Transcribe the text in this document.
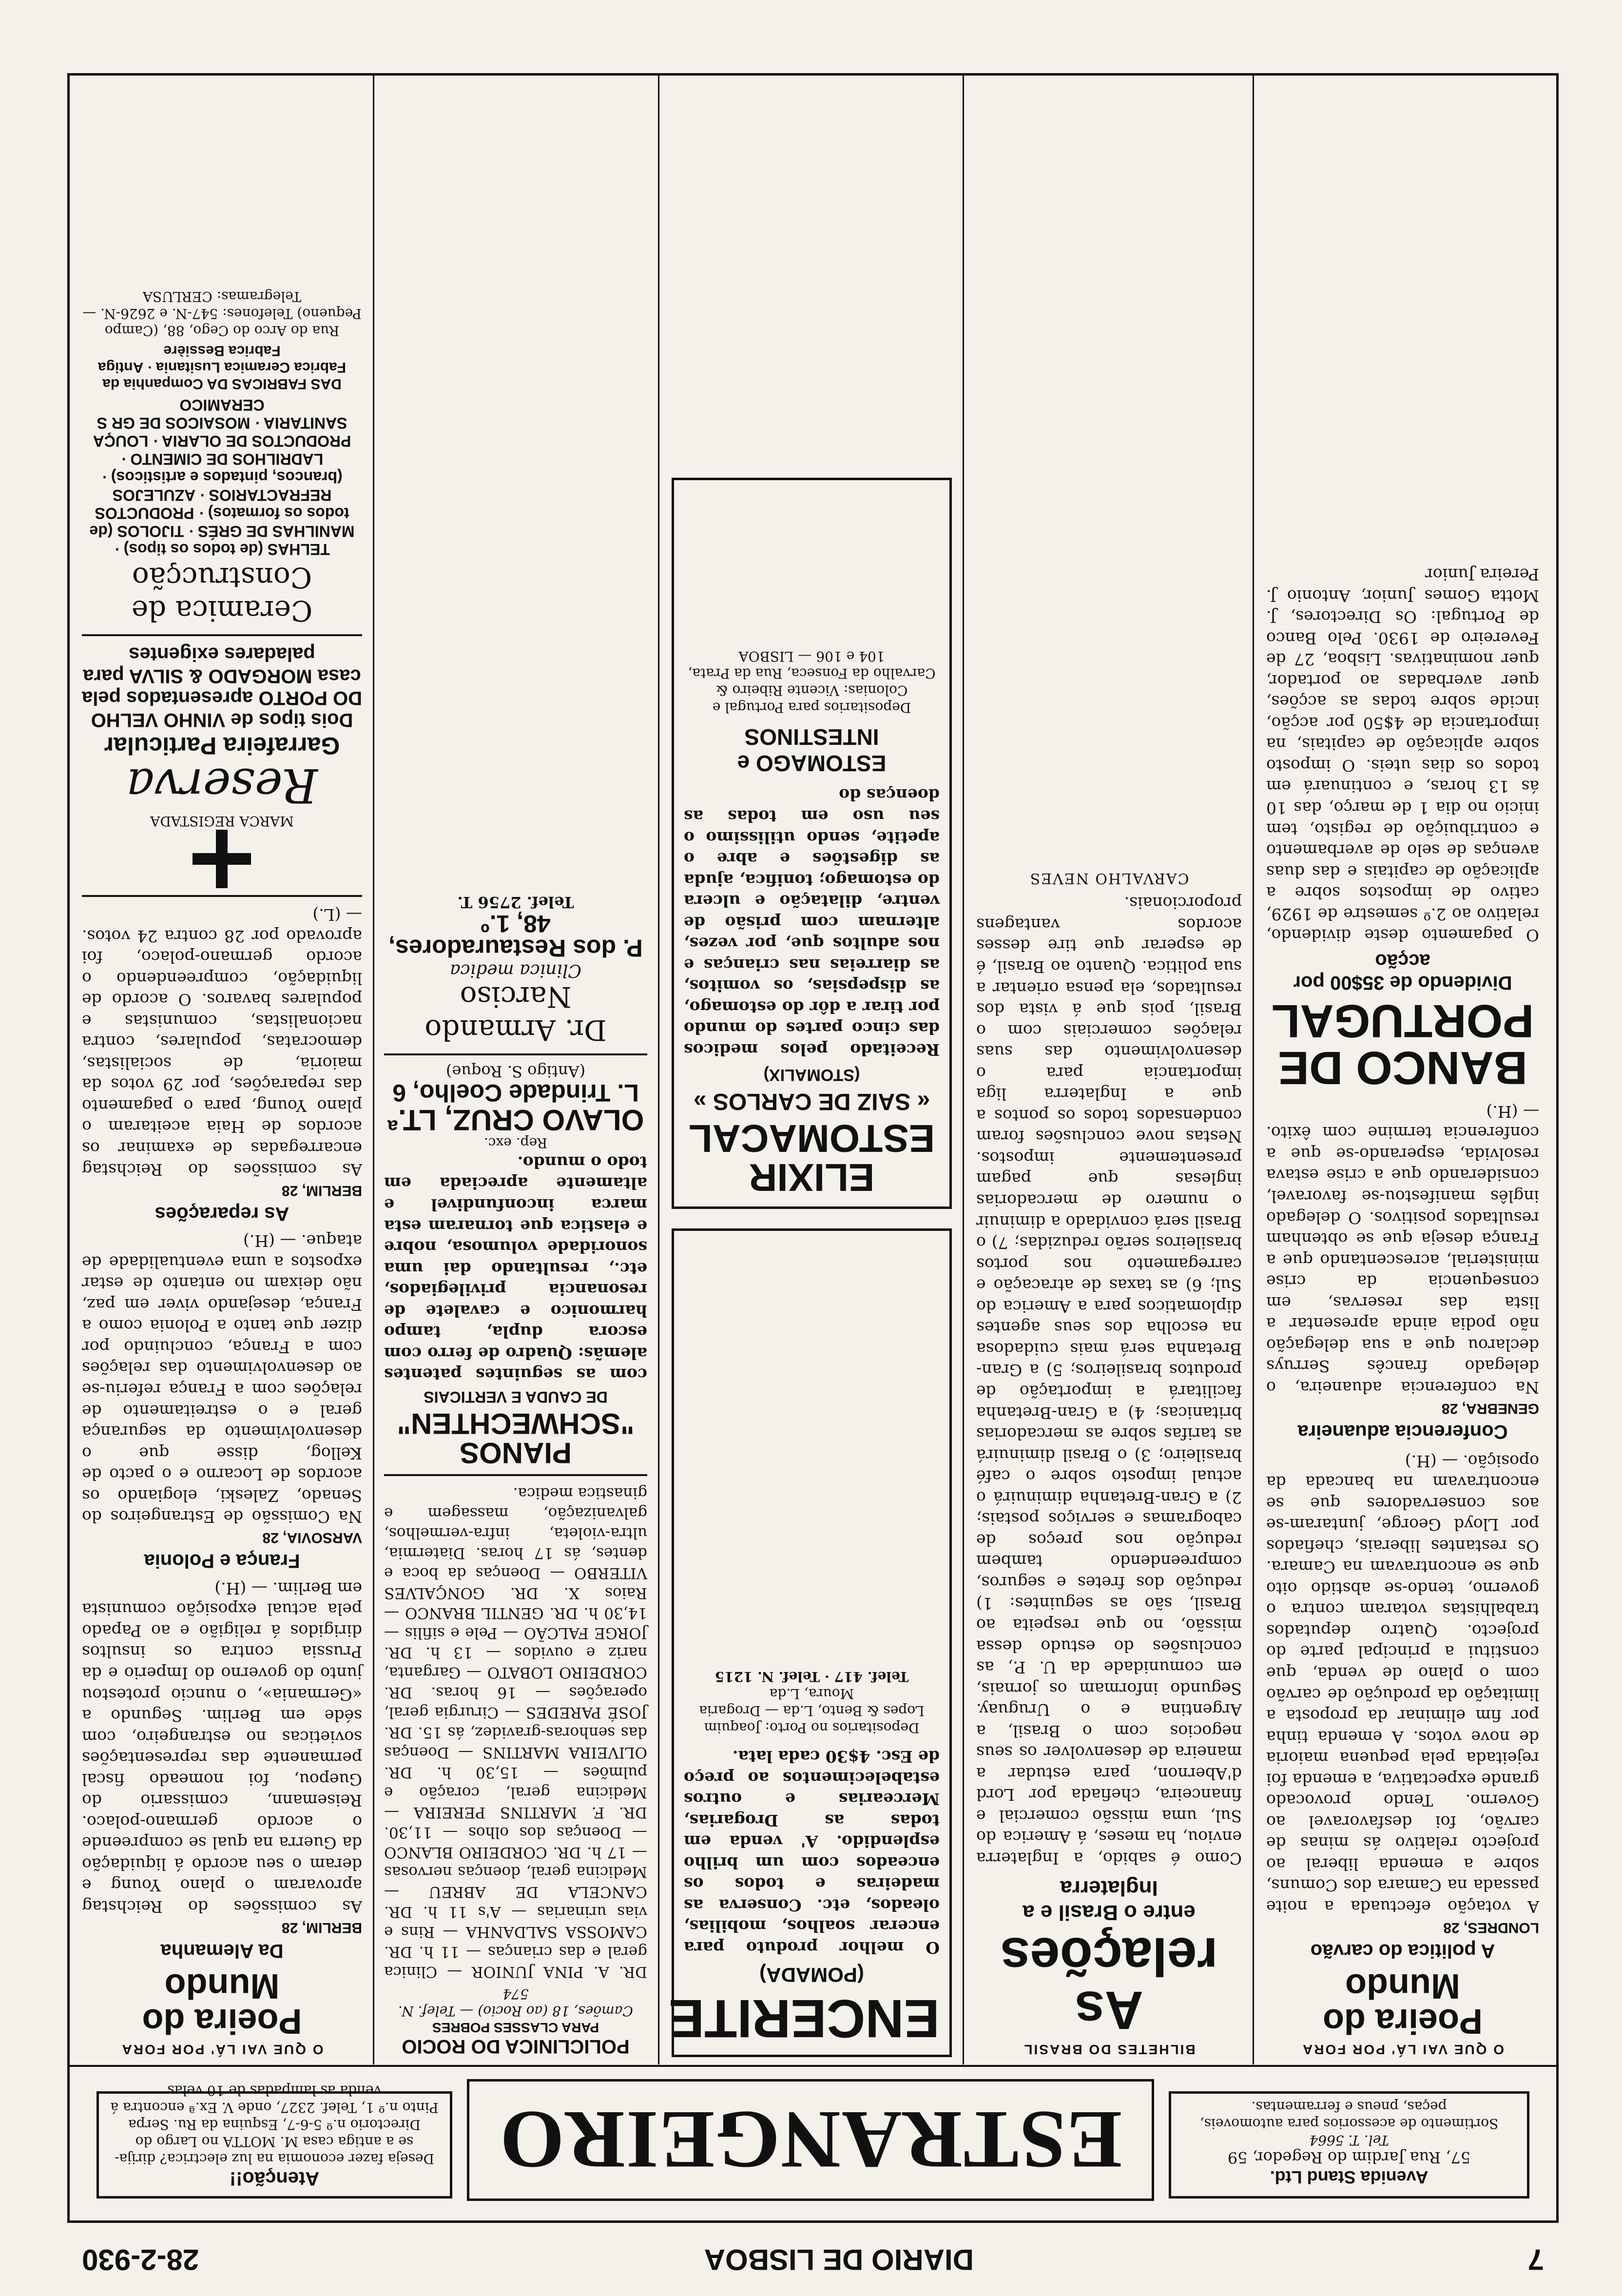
7
DIARIO DE LISBOA
28-2-930
Avenida Stand Ltd.
57, Rua Jardim do Regedor, 59
Tel. T. 5664
Sortimento de acessorios para automoveis, peças, pneus e ferramentas.
ESTRANGEIRO
Atenção!!
Deseja fazer economia na luz electrica? dirija-se a antiga casa M. MOTTA no Largo do Directorio n.º 5-6-7, Esquina da Ru. Serpa Pinto n.º 1, Telef. 2327, onde V. Ex.ª encontra á venda as lampadas de 10 velas
O QUE VAI LÁ' POR FORA
Poeira do Mundo
A politica do carvão
LONDRES, 28
A votação efectuada a noite passada na Camara dos Comuns, sobre a emenda liberal ao projecto relativo ás minas de carvão, foi desfavoravel ao Governo. Tendo provocado grande expectativa, a emenda foi rejeitada pela pequena maioria de nove votos. A emenda tinha por fim eliminar da proposta a limitação da produção de carvão com o plano de venda, que constitui a principal parte do projecto. Quatro deputados trabalhistas votaram contra o governo, tendo-se abstido oito que se encontravam na Camara. Os restantes liberais, chefiados por Lloyd George, juntaram-se aos conservadores que se encontravam na bancada da oposição. — (H.)
Conferencia aduaneira
GENEBRA, 28
Na conferencia aduaneira, o delegado francês Serruys declarou que a sua delegação não podia ainda apresentar a lista das reservas, em consequencia da crise ministerial, acrescentando que a França deseja que se obtenham resultados positivos. O delegado inglês manifestou-se favoravel, considerando que a crise estava resolvida, esperando-se que a conferencia termine com êxito. — (H.)
BANCO DE PORTUGAL
Dividendo de 35$00 por acção
O pagamento deste dividendo, relativo ao 2.º semestre de 1929, cativo de impostos sobre a aplicação de capitais e das duas avenças de selo de averbamento e contribuição de registo, tem inicio no dia 1 de março, das 10 ás 13 horas, e continuará em todos os dias uteis. O imposto sobre aplicação de capitais, na importancia de 4$50 por acção, incide sobre todas as acções, quer averbadas ao portador, quer nominativas. Lisboa, 27 de Fevereiro de 1930. Pelo Banco de Portugal: Os Directores, J. Motta Gomes Junior, Antonio J. Pereira Junior
BILHETES DO BRASIL
As relações
entre o Brasil e a Inglaterra
Como é sabido, a Inglaterra enviou, ha meses, á America do Sul, uma missão comercial e financeira, chefiada por Lord d'Abernon, para estudar a maneira de desenvolver os seus negocios com o Brasil, a Argentina e o Uruguay. Segundo informam os jornais, em comunidade da U. P., as conclusões do estudo dessa missão, no que respeita ao Brasil, são as seguintes: 1) redução dos fretes e seguros, compreendendo tambem redução nos preços de cabogramas e serviços postais; 2) a Gran-Bretanha diminuirá o actual imposto sobre o café brasileiro; 3) o Brasil diminuirá as tarifas sobre as mercadorias britanicas; 4) a Gran-Bretanha facilitará a importação de produtos brasileiros; 5) a Gran-Bretanha será mais cuidadosa na escolha dos seus agentes diplomaticos para a America do Sul; 6) as taxas de atracação e carregamento nos portos brasileiros serão reduzidas; 7) o Brasil será convidado a diminuir o numero de mercadorias inglesas que pagam presentemente impostos. Nestas nove conclusões foram condensados todos os pontos a que a Inglaterra liga importancia para o desenvolvimento das suas relações comerciais com o Brasil, pois que á vista dos resultados, ela pensa orientar a sua politica. Quanto ao Brasil, é de esperar que tire desses acordos vantagens proporcionais.
CARVALHO NEVES
ENCERITE
(POMADA)
O melhor produto para encerar soalhos, mobilias, oleados, etc. Conserva as madeiras e todos os enceados com um brilho esplendido. A' venda em todas as Drogarias, Mercearias e outros estabelecimentos ao preço de Esc. 4$30 cada lata.
Depositarios no Porto: Joaquim Lopes & Bento, L.da — Drogaria Moura, L.da
Telef. 417 · Telef. N. 1215
ELIXIR ESTOMACAL
« SAIZ DE CARLOS »
(STOMALIX)
Receitado pelos medicos das cinco partes do mundo por tirar a dôr do estomago, as dispepsias, os vomitos, as diarreias nas crianças e nos adultos que, por vezes, alternam com prisão de ventre, dilatação e ulcera do estomago; tonifica, ajuda as digestões e abre o apetite, sendo utilissimo o seu uso em todas as doenças do
ESTOMAGO e INTESTINOS
Depositarios para Portugal e Colonias: Vicente Ribeiro & Carvalho da Fonseca, Rua da Prata, 104 e 106 — LISBOA
POLICLINICA DO ROCIO
PARA CLASSES POBRES
Camões, 18 (ao Rocio) — Telef. N. 574
DR. A. PINA JUNIOR — Clinica geral e das crianças — 11 h. DR. CAMOSSA SALDANHA — Rins e vias urinarias — A's 11 h. DR. CANCELA DE ABREU — Medicina geral, doenças nervosas — 17 h. DR. CORDEIRO BLANCO — Doenças dos olhos — 11,30. DR. F. MARTINS PEREIRA — Medicina geral, coração e pulmões — 15,30 h. DR. OLIVEIRA MARTINS — Doenças das senhoras-gravidez, ás 15. DR. JOSÉ PAREDES — Cirurgia geral, operações — 16 horas. DR. CORDEIRO LOBATO — Garganta, nariz e ouvidos — 13 h. DR. JORGE FALCÃO — Pele e sifilis — 14,30 h. DR. GENTIL BRANCO — Raios X. DR. GONÇALVES VITERBO — Doenças da boca e dentes, ás 17 horas. Diatermia, ultra-violeta, infra-vermelhos, galvanização, massagem e ginastica medica.
PIANOS "SCHWECHTEN"
DE CAUDA E VERTICAIS
com as seguintes patentes alemãs: Quadro de ferro com escora dupla, tampo harmonico e cavalete de resonancia privilegiados, etc., resultando dai uma sonoridade volumosa, nobre e elastica que tornaram esta marca inconfundivel e altamente apreciada em todo o mundo.
Rep. exc.
OLAVO CRUZ, LT.ª
L. Trindade Coelho, 6
(Antigo S. Roque)
Dr. Armando Narciso
Clinica medica
P. dos Restauradores, 48, 1.º
Telef. 2756 T.
O QUE VAI LÁ' POR FORA
Poeira do Mundo
Da Alemanha
BERLIM, 28
As comissões do Reichstag aprovaram o plano Young e deram o seu acordo á liquidação da Guerra na qual se compreende o acordo germano-polaco. Reisemann, comissario do Guepou, foi nomeado fiscal permanente das representações sovieticas no estrangeiro, com séde em Berlim. Segundo a «Germania», o nuncio protestou junto do governo do Imperio e da Prussia contra os insultos dirigidos á religião e ao Papado pela actual exposição comunista em Berlim. — (H.)
França e Polonia
VARSOVIA, 28
Na Comissão de Estrangeiros do Senado, Zaleski, elogiando os acordos de Locarno e o pacto de Kellog, disse que o desenvolvimento da segurança geral e o estreitamento de relações com a França referiu-se ao desenvolvimento das relações com a França, concluindo por dizer que tanto a Polonia como a França, desejando viver em paz, não deixam no entanto de estar expostos a uma eventualidade de ataque. — (H.)
As reparações
BERLIM, 28
As comissões do Reichstag encarregadas de examinar os acordos de Haia aceitaram o plano Young, para o pagamento das reparações, por 29 votos da maioria, de socialistas, democratas, populares, contra nacionalistas, comunistas e populares bavaros. O acordo de liquidação, compreendendo o acordo germano-polaco, foi aprovado por 28 contra 24 votos. — (L.)
MARCA REGISTADA
Reserva
Garrafeira Particular
Dois tipos de VINHO VELHO DO PORTO apresentados pela casa MORGADO & SILVA para paladares exigentes
Ceramica de Construcção
TELHAS (de todos os tipos) · MANILHAS DE GRÉS · TIJOLOS (de todos os formatos) · PRODUCTOS REFRACTARIOS · AZULEJOS (brancos, pintados e artisticos) · LADRILHOS DE CIMENTO · PRODUCTOS DE OLARIA · LOUÇA SANITARIA · MOSAICOS DE GR S CERAMICO
DAS FABRICAS DA Companhia da Fabrica Ceramica Lusitania · Antiga Fabrica Bessière
Rua do Arco do Cego, 88, (Campo Pequeno) Telefones: 547-N. e 2626-N. — Telegramas: CERLUSA
